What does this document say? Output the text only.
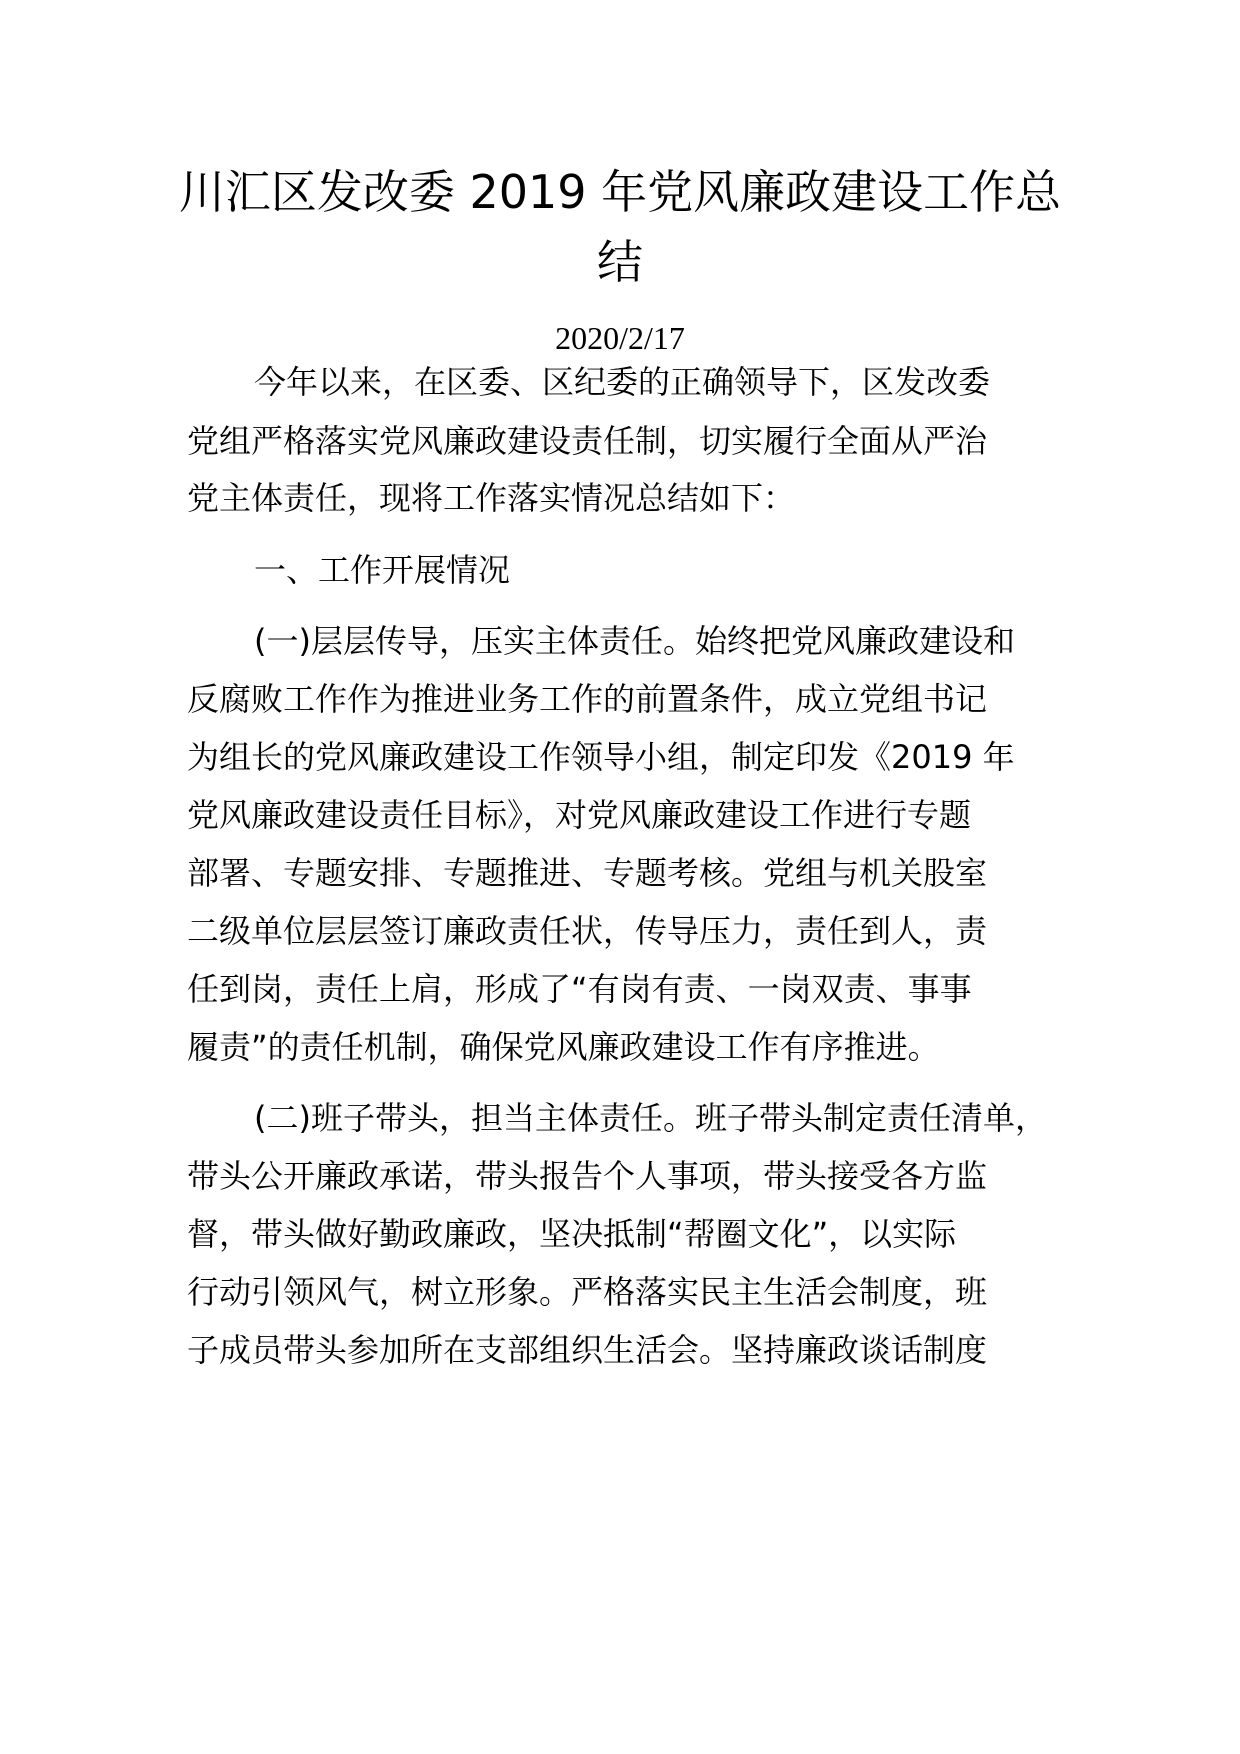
川汇区发改委 2019 年党风廉政建设工作总
结
2020/2/17

今年以来，在区委、区纪委的正确领导下，区发改委

党组严格落实党风廉政建设责任制，切实履行全面从严治

党主体责任，现将工作落实情况总结如下：

一、工作开展情况

(一)层层传导，压实主体责任。始终把党风廉政建设和

反腐败工作作为推进业务工作的前置条件，成立党组书记

为组长的党风廉政建设工作领导小组，制定印发《2019 年

党风廉政建设责任目标》，对党风廉政建设工作进行专题

部署、专题安排、专题推进、专题考核。党组与机关股室

二级单位层层签订廉政责任状，传导压力，责任到人，责

任到岗，责任上肩，形成了“有岗有责、一岗双责、事事

履责”的责任机制，确保党风廉政建设工作有序推进。

(二)班子带头，担当主体责任。班子带头制定责任清单，

带头公开廉政承诺，带头报告个人事项，带头接受各方监

督，带头做好勤政廉政，坚决抵制“帮圈文化”，以实际

行动引领风气，树立形象。严格落实民主生活会制度，班

子成员带头参加所在支部组织生活会。坚持廉政谈话制度
